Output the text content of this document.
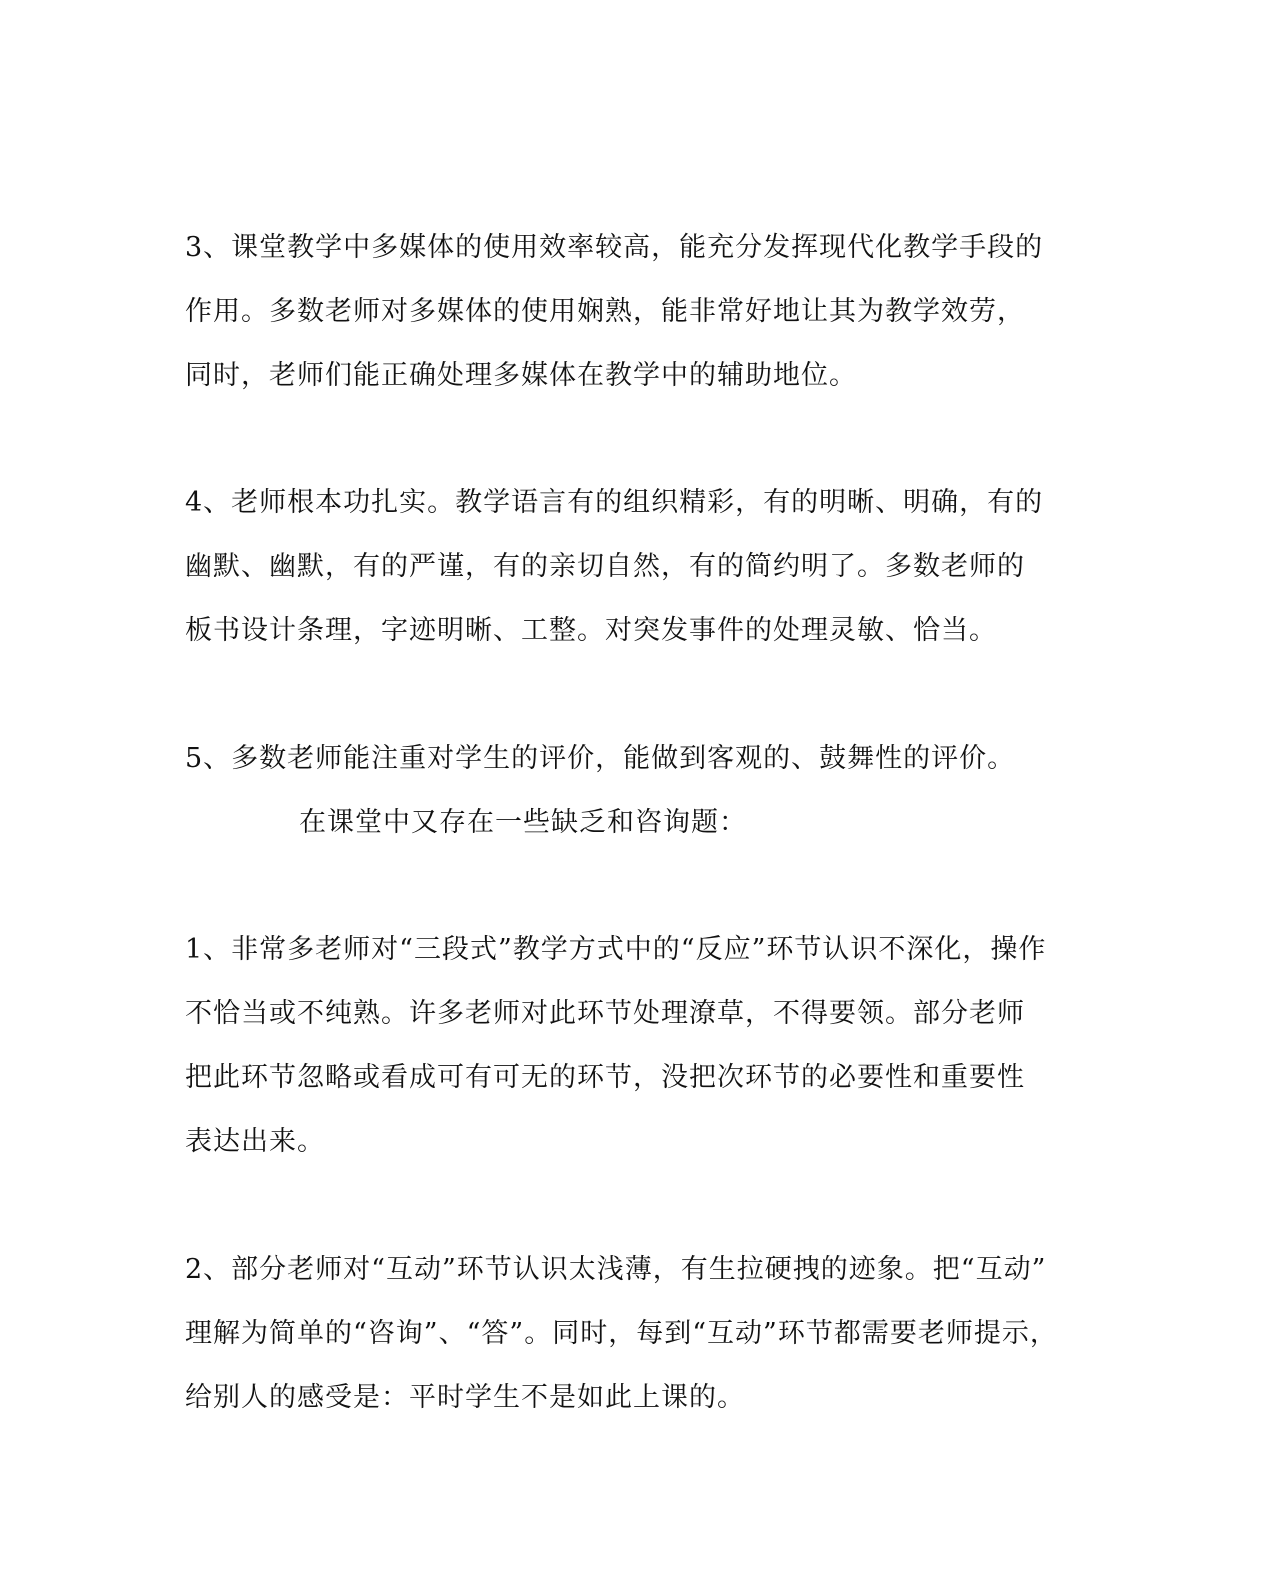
3、课堂教学中多媒体的使用效率较高，能充分发挥现代化教学手段的
作用。多数老师对多媒体的使用娴熟，能非常好地让其为教学效劳，
同时，老师们能正确处理多媒体在教学中的辅助地位。
4、老师根本功扎实。教学语言有的组织精彩，有的明晰、明确，有的
幽默、幽默，有的严谨，有的亲切自然，有的简约明了。多数老师的
板书设计条理，字迹明晰、工整。对突发事件的处理灵敏、恰当。
5、多数老师能注重对学生的评价，能做到客观的、鼓舞性的评价。
在课堂中又存在一些缺乏和咨询题：
1、非常多老师对“三段式”教学方式中的“反应”环节认识不深化，操作
不恰当或不纯熟。许多老师对此环节处理潦草，不得要领。部分老师
把此环节忽略或看成可有可无的环节，没把次环节的必要性和重要性
表达出来。
2、部分老师对“互动”环节认识太浅薄，有生拉硬拽的迹象。把“互动”
理解为简单的“咨询”、“答”。同时，每到“互动”环节都需要老师提示，
给别人的感受是：平时学生不是如此上课的。
